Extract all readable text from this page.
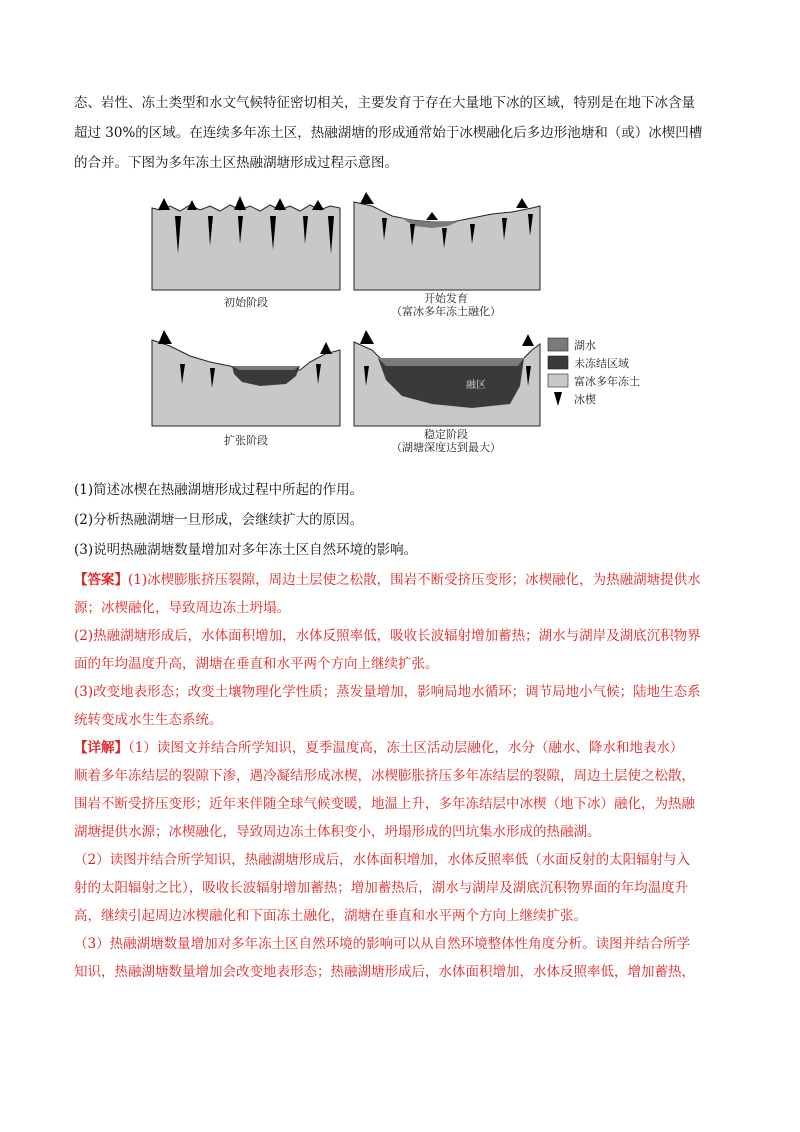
态、岩性、冻土类型和水文气候特征密切相关，主要发育于存在大量地下冰的区域，特别是在地下冰含量
超过 30%的区域。在连续多年冻土区，热融湖塘的形成通常始于冰楔融化后多边形池塘和（或）冰楔凹槽
的合并。下图为多年冻土区热融湖塘形成过程示意图。
初始阶段	开始发育
（富冰多年冻土融化）
扩张阶段
融区
稳定阶段
（湖塘深度达到最大）
湖水
未冻结区域
富冰多年冻土
冰楔
(1)简述冰楔在热融湖塘形成过程中所起的作用。
(2)分析热融湖塘一旦形成，会继续扩大的原因。
(3)说明热融湖塘数量增加对多年冻土区自然环境的影响。
【答案】(1)冰楔膨胀挤压裂隙，周边土层使之松散，围岩不断受挤压变形；冰楔融化，为热融湖塘提供水
源；冰楔融化，导致周边冻土坍塌。
(2)热融湖塘形成后，水体面积增加，水体反照率低，吸收长波辐射增加蓄热；湖水与湖岸及湖底沉积物界
面的年均温度升高，湖塘在垂直和水平两个方向上继续扩张。
(3)改变地表形态；改变土壤物理化学性质；蒸发量增加，影响局地水循环；调节局地小气候；陆地生态系
统转变成水生生态系统。
【详解】（1）读图文并结合所学知识，夏季温度高，冻土区活动层融化，水分（融水、降水和地表水）
顺着多年冻结层的裂隙下渗，遇冷凝结形成冰楔，冰楔膨胀挤压多年冻结层的裂隙，周边土层使之松散，
围岩不断受挤压变形；近年来伴随全球气候变暖，地温上升，多年冻结层中冰楔（地下冰）融化，为热融
湖塘提供水源；冰楔融化，导致周边冻土体积变小，坍塌形成的凹坑集水形成的热融湖。
（2）读图并结合所学知识，热融湖塘形成后，水体面积增加，水体反照率低（水面反射的太阳辐射与入
射的太阳辐射之比），吸收长波辐射增加蓄热；增加蓄热后，湖水与湖岸及湖底沉积物界面的年均温度升
高，继续引起周边冰楔融化和下面冻土融化，湖塘在垂直和水平两个方向上继续扩张。
（3）热融湖塘数量增加对多年冻土区自然环境的影响可以从自然环境整体性角度分析。读图并结合所学
知识，热融湖塘数量增加会改变地表形态；热融湖塘形成后，水体面积增加，水体反照率低，增加蓄热，
